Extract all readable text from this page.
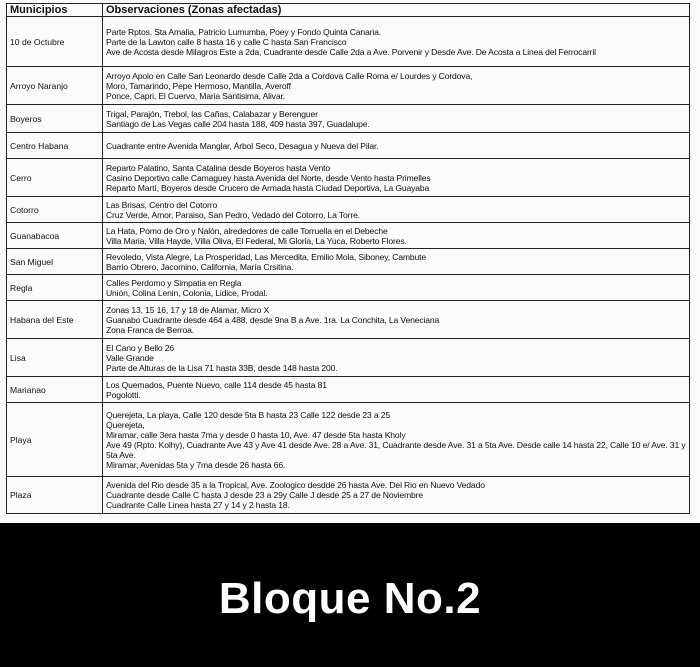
Municipios	Observaciones (Zonas afectadas)
10 de Octubre	Parte Rptos. Sta Amalia, Patricio Lumumba, Poey y Fondo Quinta Canaria.
Parte de la Lawton calle 8 hasta 16 y calle C hasta San Francisco
Ave de Acosta desde Milagros Este a 2da, Cuadrante desde Calle 2da a Ave. Porvenir y Desde Ave. De Acosta a Linea del Ferrocarril

Arroyo Naranjo	Arroyo Apolo en Calle San Leonardo desde Calle 2da a Cordova Calle Roma e/ Lourdes y Cordova,
Moro, Tamarindo, Pepe Hermoso, Mantilla, Averoff
Ponce, Capri, El Cuervo, Maria Santisima, Alivar.

Boyeros	Trigal, Parajón, Trebol, las Cañas, Calabazar y Berenguer
Santiago de Las Vegas calle 204 hasta 188, 409 hasta 397, Guadalupe.

Centro Habana	Cuadrante entre Avenida Manglar, Árbol Seco, Desagua y Nueva del Pilar.

Cerro	Reparto Palatino, Santa Catalina desde Boyeros hasta Vento
Casino Deportivo calle Camaguey hasta Avenida del Norte, desde Vento hasta Primelles
Reparto Martí, Boyeros desde Crucero de Armada hasta Ciudad Deportiva, La Guayaba

Cotorro	Las Brisas, Centro del Cotorro
Cruz Verde, Amor, Paraiso, San Pedro, Vedado del Cotorro, La Torre.

Guanabacoa	La Hata, Pomo de Oro y Nalón, alrededores de calle Torruella en el Debeche
Villa Maria, Villa Hayde, Villa Oliva, El Federal, Mi Gloria, La Yuca, Roberto Flores.

San Miguel	Revoledo, Vista Alegre, La Prosperidad, Las Mercedita, Emilio Mola, Siboney, Cambute
Barrio Obrero, Jacomino, California, María Crsitina.

Regla	Calles Perdomo y Simpatia en Regla
Unión, Colina Lenin, Colonia, Lidice, Prodal.

Habana del Este	Zonas 13, 15 16, 17 y 18 de Alamar, Micro X
Guanabo Cuadrante desde 464 a 488, desde 9na B a Ave. 1ra. La Conchita, La Veneciana
Zona Franca de Berroa.

Lisa	El Cano y Bello 26
Valle Grande
Parte de Alturas de la Lisa 71 hasta 33B, desde 148 hasta 200.

Marianao	Los Quemados, Puente Nuevo, calle 114 desde 45 hasta 81
Pogolotti.

Playa	Querejeta, La playa, Calle 120 desde 5ta B hasta 23 Calle 122 desde 23 a 25
Querejeta,
Miramar, calle 3era hasta 7ma y desde 0 hasta 10, Ave. 47 desde 5ta hasta Kholy
Ave 49 (Rpto. Kolhy), Cuadrante Ave 43 y Ave 41 desde Ave. 28 a Ave. 31, Cuadrante desde Ave. 31 a 5ta Ave. Desde calle 14 hasta 22, Calle 10 e/ Ave. 31 y 5ta Ave.
Miramar, Avenidas 5ta y 7ma desde 26 hasta 66.

Plaza	Avenida del Rio desde 35 a la Tropical, Ave. Zoologico desdde 26 hasta Ave. Del Rio en Nuevo Vedado
Cuadrante desde Calle C hasta J desde 23 a 29y Calle J desde 25 a 27 de Noviembre
Cuadrante Calle Linea hasta 27 y 14 y 2 hasta 18.
Bloque No.2
